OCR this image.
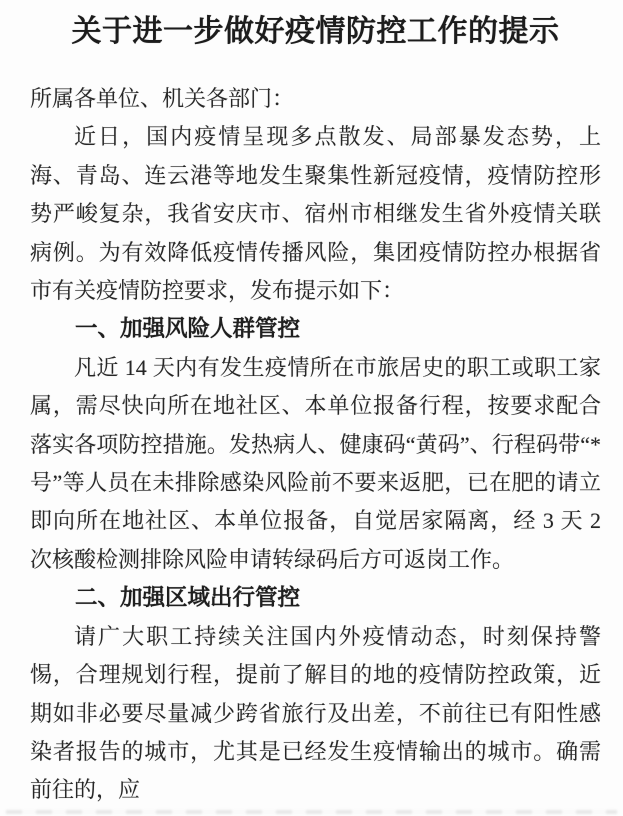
关于进一步做好疫情防控工作的提示

所属各单位、机关各部门：

近日，国内疫情呈现多点散发、局部暴发态势，上海、青岛、连云港等地发生聚集性新冠疫情，疫情防控形势严峻复杂，我省安庆市、宿州市相继发生省外疫情关联病例。为有效降低疫情传播风险，集团疫情防控办根据省市有关疫情防控要求，发布提示如下：

一、加强风险人群管控

凡近 14 天内有发生疫情所在市旅居史的职工或职工家属，需尽快向所在地社区、本单位报备行程，按要求配合落实各项防控措施。发热病人、健康码“黄码”、行程码带“*号”等人员在未排除感染风险前不要来返肥，已在肥的请立即向所在地社区、本单位报备，自觉居家隔离，经 3 天 2 次核酸检测排除风险申请转绿码后方可返岗工作。

二、加强区域出行管控

请广大职工持续关注国内外疫情动态，时刻保持警惕，合理规划行程，提前了解目的地的疫情防控政策，近期如非必要尽量减少跨省旅行及出差，不前往已有阳性感染者报告的城市，尤其是已经发生疫情输出的城市。确需前往的，应
